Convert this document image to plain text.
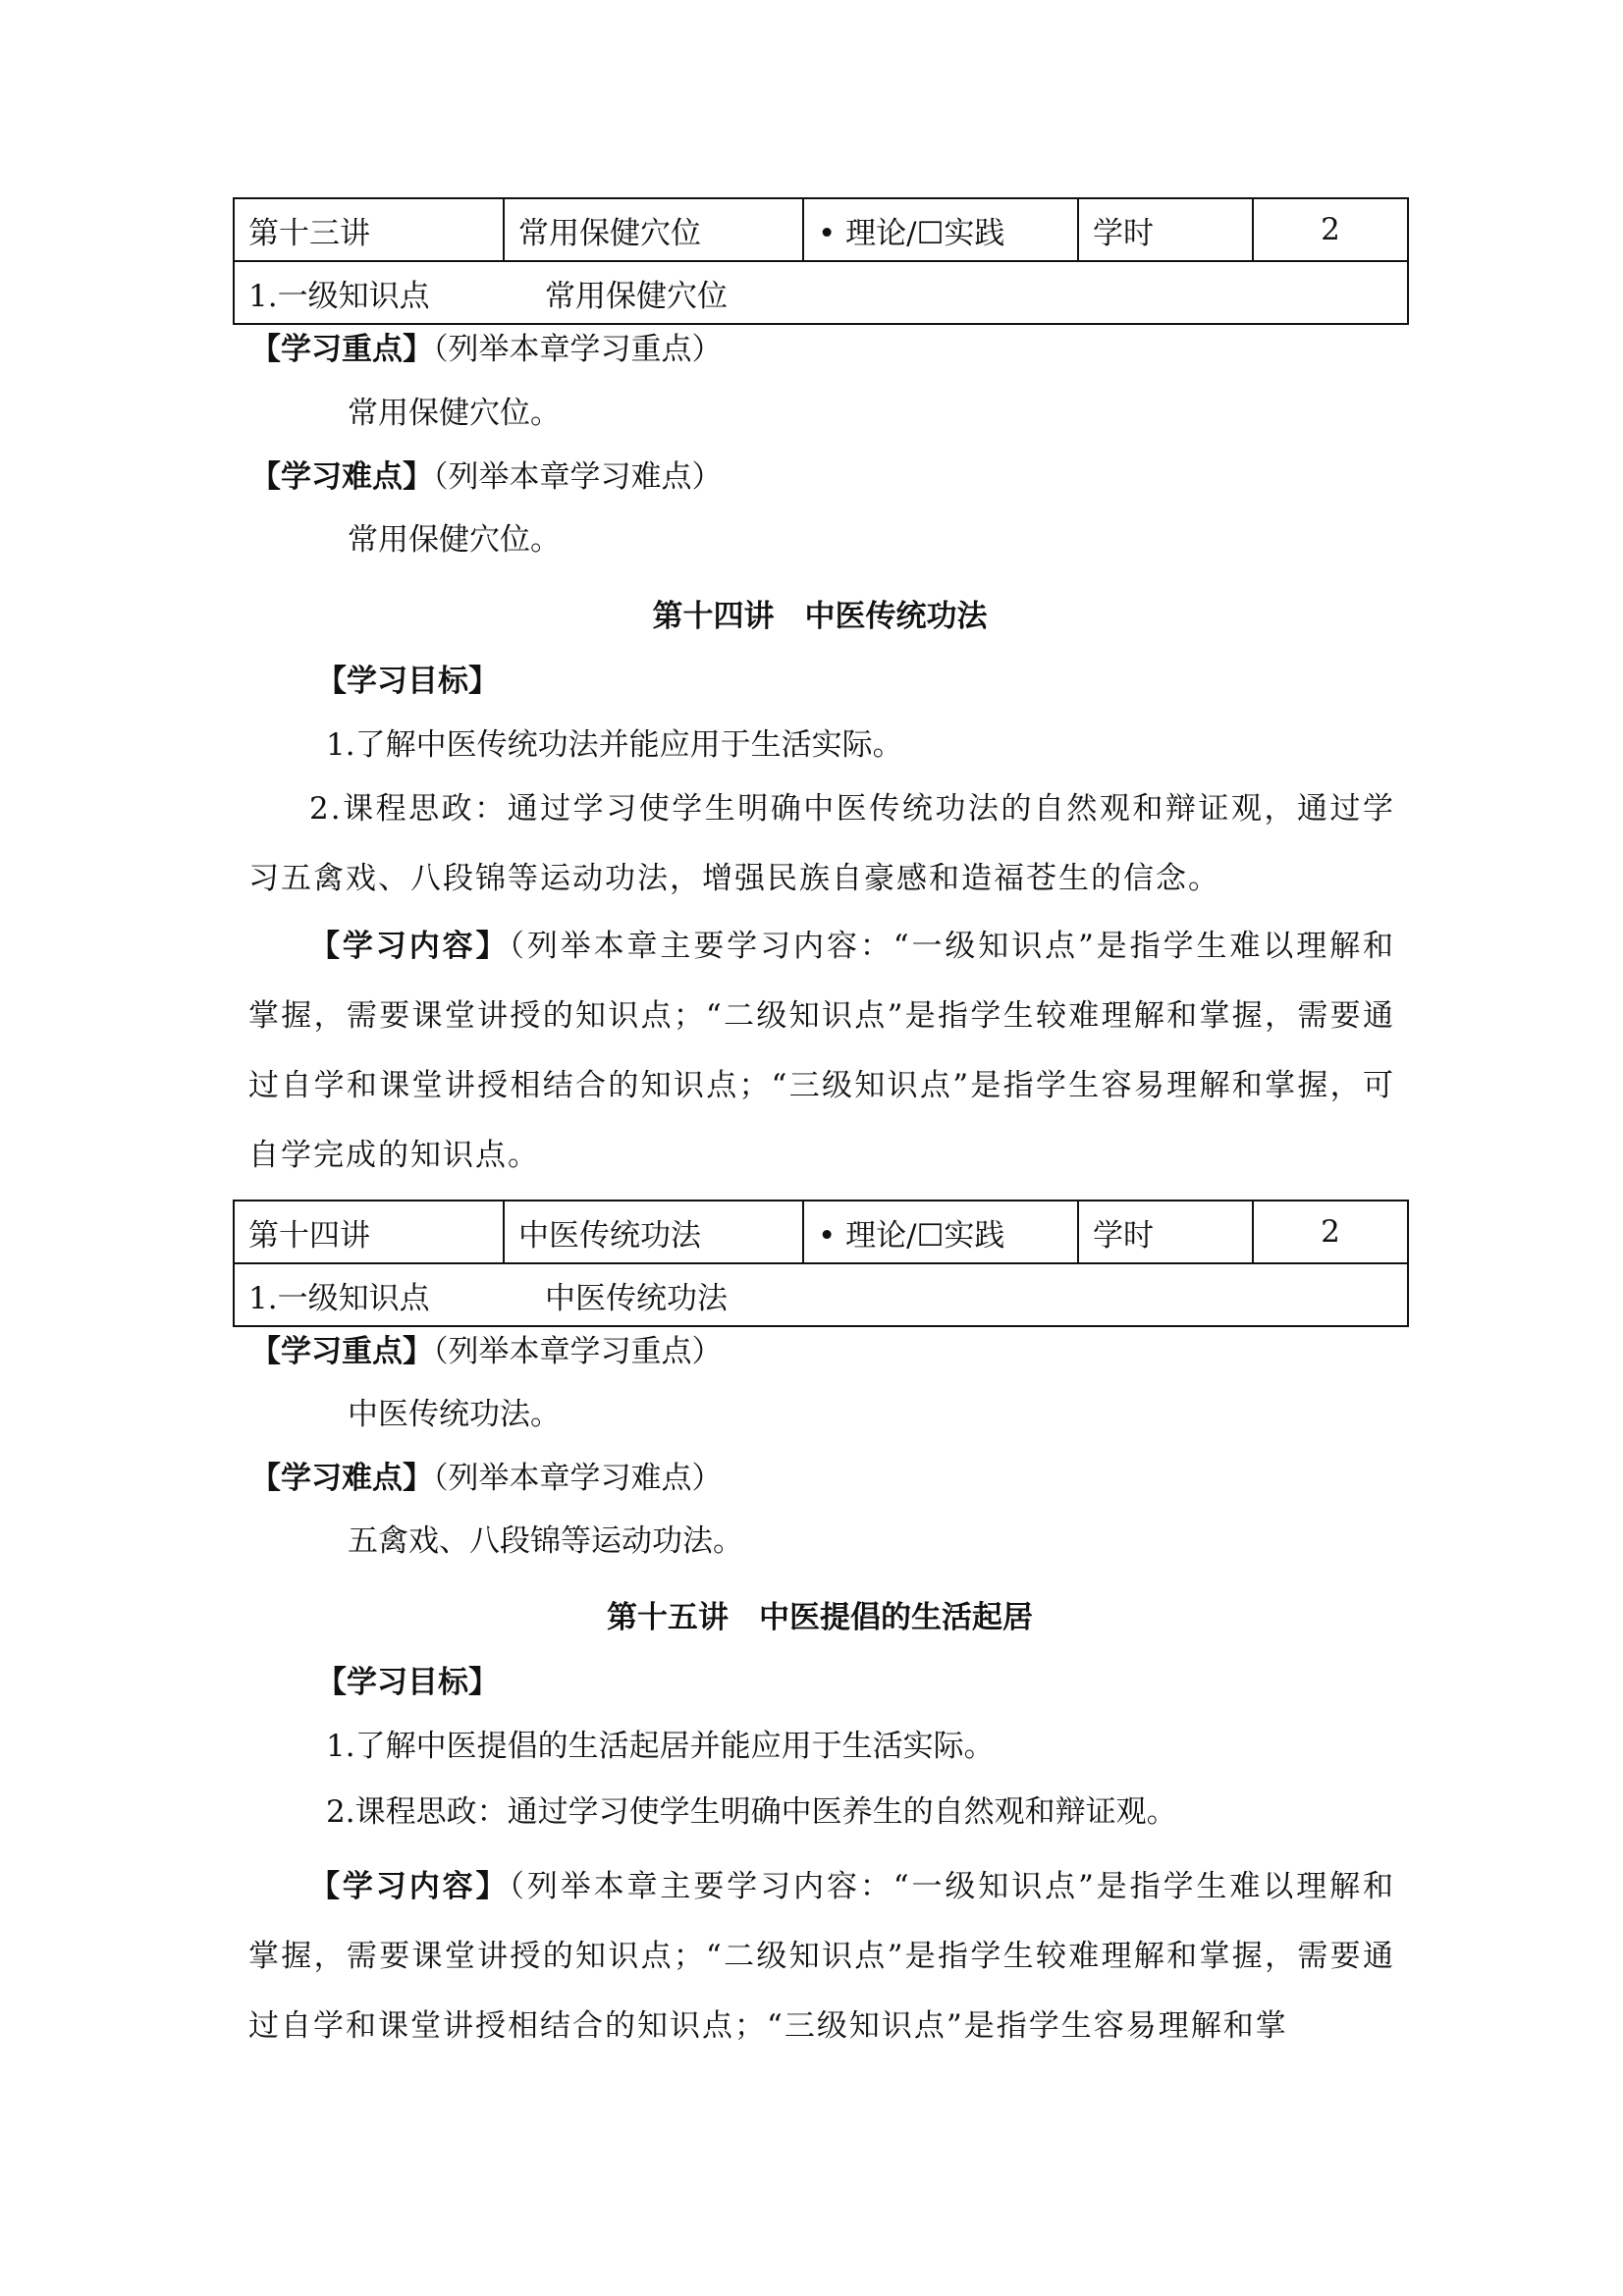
第十三讲	常用保健穴位	• 理论/☐实践	学时	2
1.一级知识点	常用保健穴位
【学习重点】（列举本章学习重点）
常用保健穴位。
【学习难点】（列举本章学习难点）
常用保健穴位。
第十四讲　中医传统功法
【学习目标】
1.了解中医传统功法并能应用于生活实际。

2.课程思政：通过学习使学生明确中医传统功法的自然观和辩证观，通过学习五禽戏、八段锦等运动功法，增强民族自豪感和造福苍生的信念。

【学习内容】（列举本章主要学习内容：“一级知识点”是指学生难以理解和掌握，需要课堂讲授的知识点；“二级知识点”是指学生较难理解和掌握，需要通过自学和课堂讲授相结合的知识点；“三级知识点”是指学生容易理解和掌握，可自学完成的知识点。

第十四讲	中医传统功法	• 理论/☐实践	学时	2
1.一级知识点	中医传统功法
【学习重点】（列举本章学习重点）
中医传统功法。
【学习难点】（列举本章学习难点）
五禽戏、八段锦等运动功法。
第十五讲　中医提倡的生活起居
【学习目标】
1.了解中医提倡的生活起居并能应用于生活实际。
2.课程思政：通过学习使学生明确中医养生的自然观和辩证观。

【学习内容】（列举本章主要学习内容：“一级知识点”是指学生难以理解和掌握，需要课堂讲授的知识点；“二级知识点”是指学生较难理解和掌握，需要通过自学和课堂讲授相结合的知识点；“三级知识点”是指学生容易理解和掌
